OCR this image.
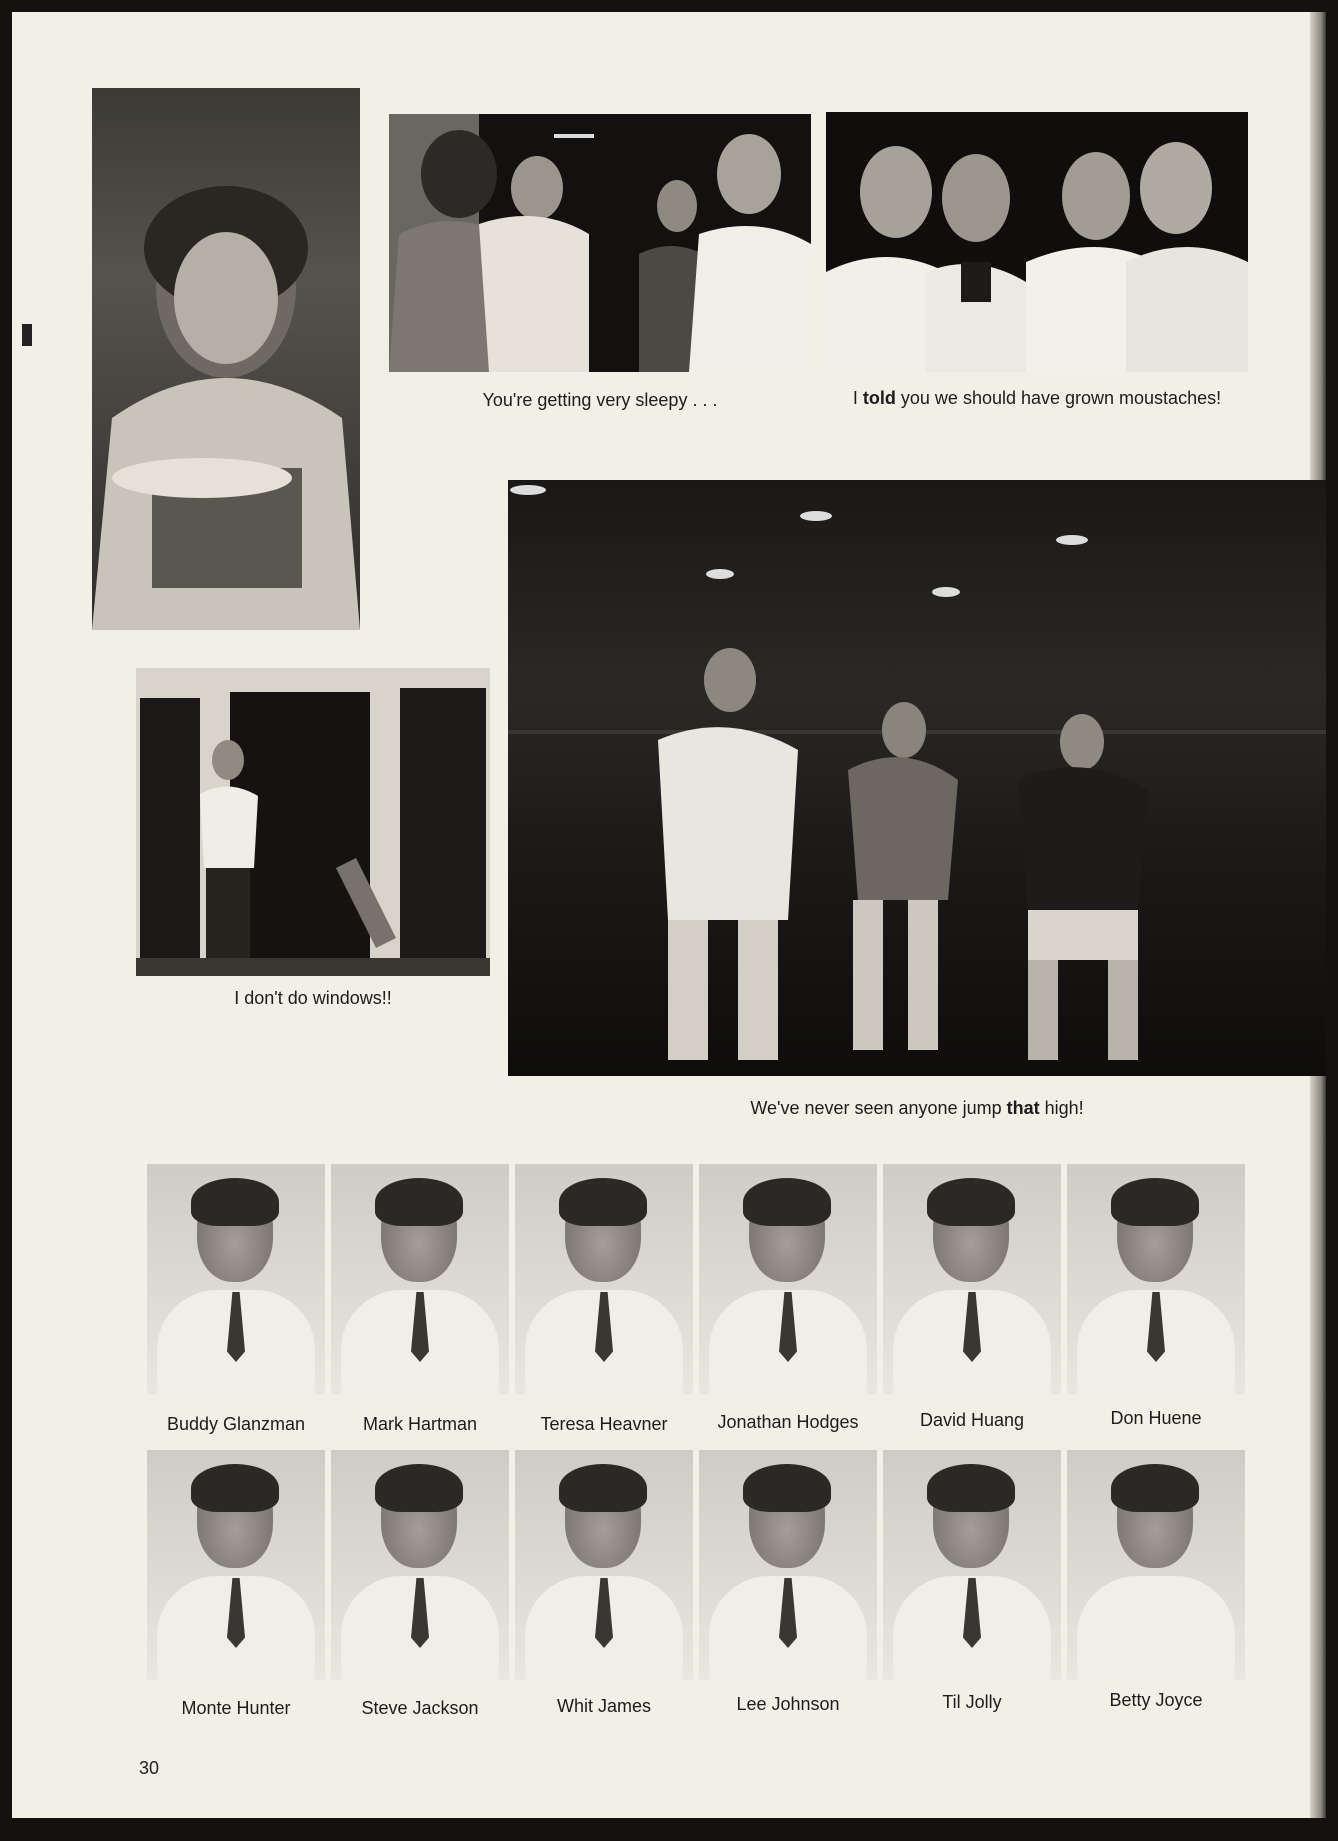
You're getting very sleepy . . .	I told you we should have grown moustaches!
We've never seen anyone jump that high!
I don't do windows!!
Buddy Glanzman	Mark Hartman	Teresa Heavner	Jonathan Hodges	David Huang	Don Huene
Monte Hunter	Steve Jackson	Whit James	Lee Johnson	Til Jolly	Betty Joyce
30
